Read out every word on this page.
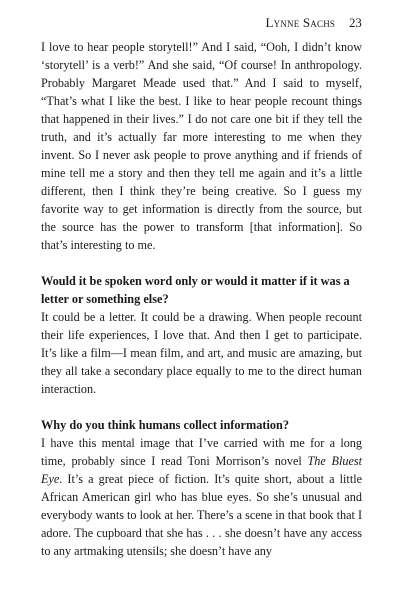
Lynne Sachs 23

I love to hear people storytell!” And I said, “Ooh, I didn’t know ‘storytell’ is a verb!” And she said, “Of course! In anthropology. Probably Margaret Meade used that.” And I said to myself, “That’s what I like the best. I like to hear people recount things that happened in their lives.” I do not care one bit if they tell the truth, and it’s actually far more interesting to me when they invent. So I never ask people to prove anything and if friends of mine tell me a story and then they tell me again and it’s a little different, then I think they’re being creative. So I guess my favorite way to get information is directly from the source, but the source has the power to transform [that information]. So that’s interesting to me.

Would it be spoken word only or would it matter if it was a letter or something else?

It could be a letter. It could be a drawing. When people recount their life experiences, I love that. And then I get to participate. It’s like a film—I mean film, and art, and music are amazing, but they all take a secondary place equally to me to the direct human interaction.

Why do you think humans collect information?

I have this mental image that I’ve carried with me for a long time, probably since I read Toni Morrison’s novel The Bluest Eye. It’s a great piece of fiction. It’s quite short, about a little African American girl who has blue eyes. So she’s unusual and everybody wants to look at her. There’s a scene in that book that I adore. The cupboard that she has . . . she doesn’t have any access to any artmaking utensils; she doesn’t have any
